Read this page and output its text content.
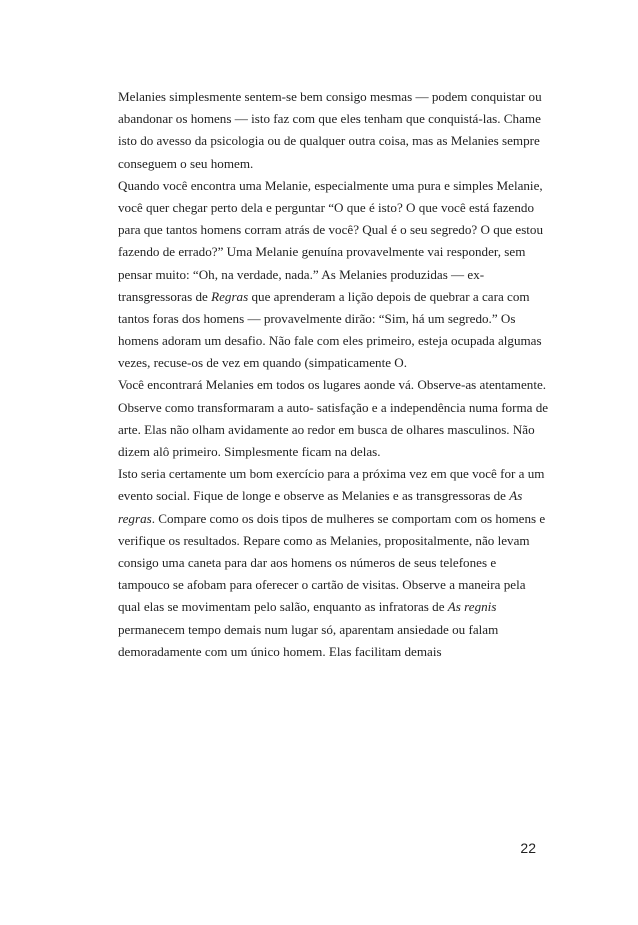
Melanies simplesmente sentem-se bem consigo mesmas — podem conquistar ou
abandonar os homens — isto faz com que eles tenham que conquistá-las. Chame
isto do avesso da psicologia ou de qualquer outra coisa, mas as Melanies sempre
conseguem o seu homem.
Quando você encontra uma Melanie, especialmente uma pura e simples Melanie,
você quer chegar perto dela e perguntar “O que é isto? O que você está fazendo
para que tantos homens corram atrás de você? Qual é o seu segredo? O que estou
fazendo de errado?” Uma Melanie genuína provavelmente vai responder, sem
pensar muito: “Oh, na verdade, nada.” As Melanies produzidas — ex-
transgressoras de Regras que aprenderam a lição depois de quebrar a cara com
tantos foras dos homens — provavelmente dirão: “Sim, há um segredo.” Os
homens adoram um desafio. Não fale com eles primeiro, esteja ocupada algumas
vezes, recuse-os de vez em quando (simpaticamente O.
Você encontrará Melanies em todos os lugares aonde vá. Observe-as atentamente.
Observe como transformaram a auto- satisfação e a independência numa forma de
arte. Elas não olham avidamente ao redor em busca de olhares masculinos. Não
dizem alô primeiro. Simplesmente ficam na delas.
Isto seria certamente um bom exercício para a próxima vez em que você for a um
evento social. Fique de longe e observe as Melanies e as transgressoras de As
regras. Compare como os dois tipos de mulheres se comportam com os homens e
verifique os resultados. Repare como as Melanies, propositalmente, não levam
consigo uma caneta para dar aos homens os números de seus telefones e
tampouco se afobam para oferecer o cartão de visitas. Observe a maneira pela
qual elas se movimentam pelo salão, enquanto as infratoras de As regnis
permanecem tempo demais num lugar só, aparentam ansiedade ou falam
demoradamente com um único homem. Elas facilitam demais
22
